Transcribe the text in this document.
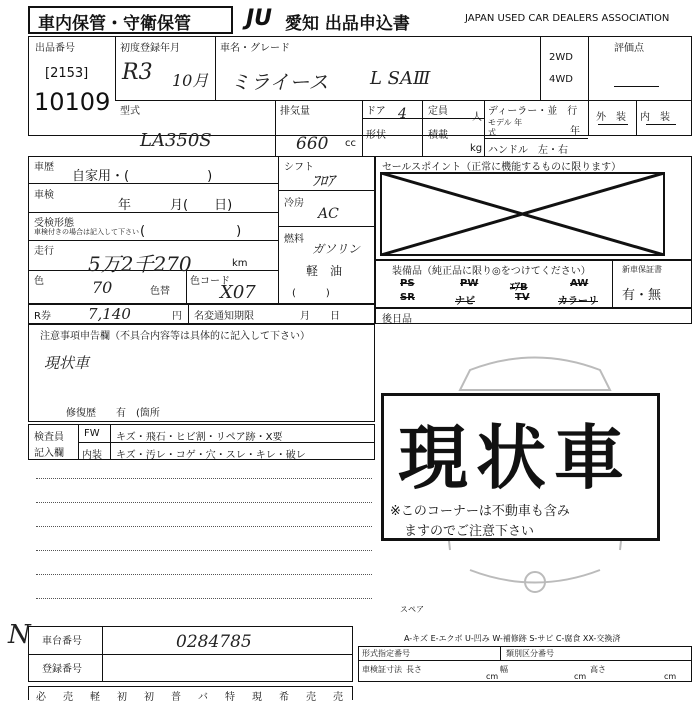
車内保管・守衛保管	JU 愛知 出品申込書	JAPAN USED CAR DEALERS ASSOCIATION
出品番号
[2153]
10109
初度登録年月
R3 10月
車名・グレード
ミライース L SAⅢ
2WD
4WD
評価点
外　装 内　装
型式
LA350S
排気量
660 cc
ドア 4 定員
人
形状	積載
kg
ディーラー・並　行
モデル 年式	年
ハンドル　左・右
車歴
自家用・(　　　　　　)
車検
年　　　月(　　日)
受検形態
車検付きの場合は記入して下さい (　　　　　　　)
走行
5万2千270	km
色	70	色替
色コード
X07
シフト
ﾌﾛｱ
冷房
AC
燃料
ガソリン
軽　油
(　　　)
セールスポイント（正常に機能するものに限ります）
装備品（純正品に限り◎をつけてください）
PS	PW	ｴｱB	AW
SR	ナビ	TV	カラーリ
新車保証書
有・無
R券 7,140	円 名変通知期限	月　　日	後日品
注意事項申告欄（不具合内容等は具体的に記入して下さい）
現状車
修復歴 有　(箇所
検査員
記入欄
FW キズ・飛石・ヒビ割・リペア跡・X要
内装 キズ・汚レ・コゲ・穴・スレ・キレ・破レ
スペア
現状車
※このコーナーは不動車も含み
ますのでご注意下さい
A-キズ E-エクボ U-凹み W-補修跡 S-サビ C-腐食 XX-交換済
N 車台番号	0284785
登録番号
形式指定番号	類別区分番号
車検証寸法 長さ
cm
幅
cm
高さ
cm
必 売 軽 初 初 普 バ 特 現 希 売 売
